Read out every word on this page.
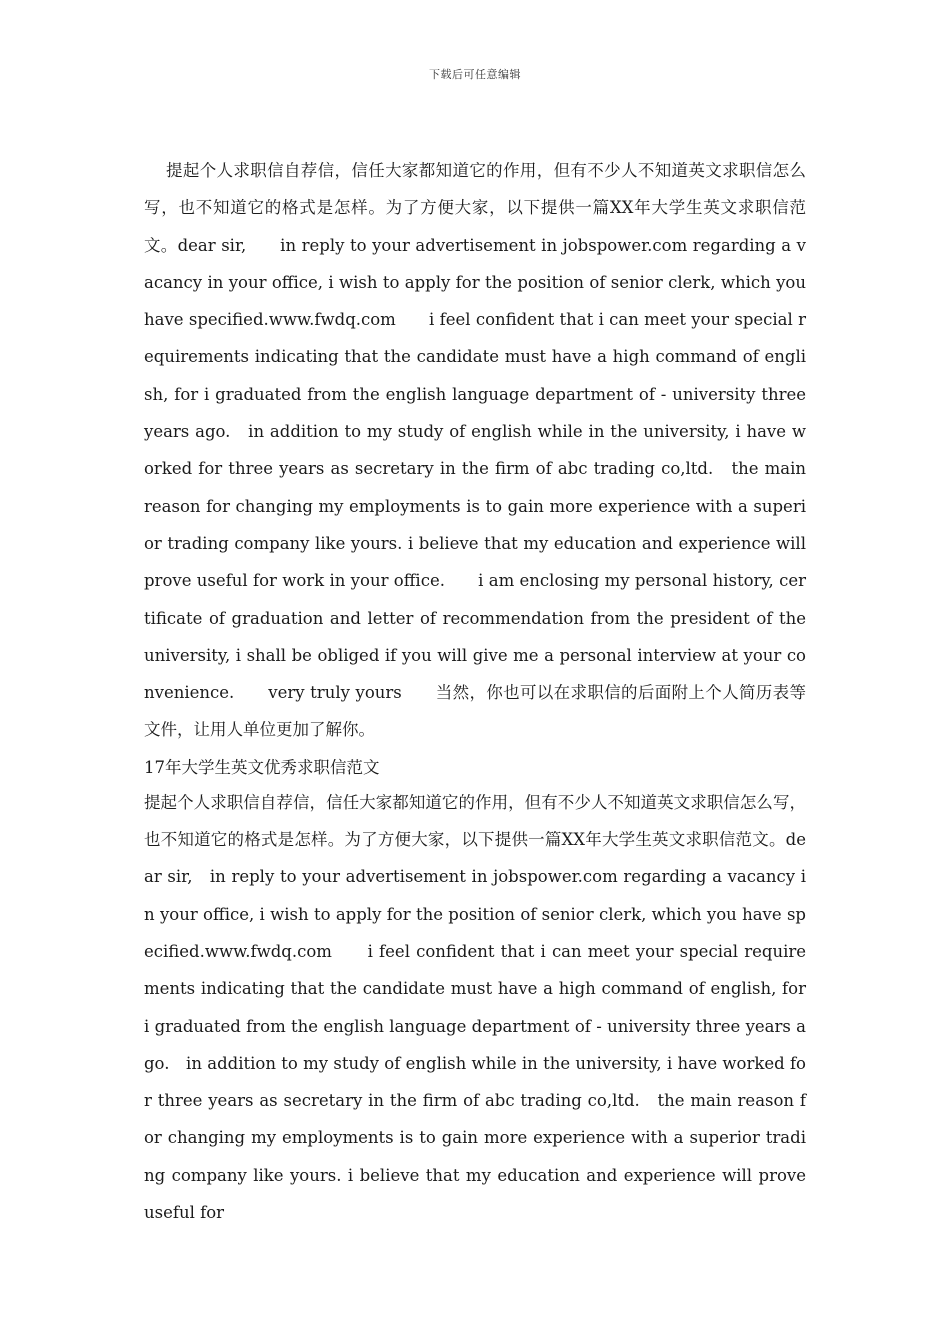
下载后可任意编辑

提起个人求职信自荐信，信任大家都知道它的作用，但有不少人不知道英文求职信怎么写，也不知道它的格式是怎样。为了方便大家，以下提供一篇XX年大学生英文求职信范文。dear sir,　　in reply to your advertisement in jobspower.com regarding a vacancy in your office, i wish to apply for the position of senior clerk, which you have specified.www.fwdq.com　　i feel confident that i can meet your special requirements indicating that the candidate must have a high command of english, for i graduated from the english language department of - university three years ago.　in addition to my study of english while in the university, i have worked for three years as secretary in the firm of abc trading co,ltd.　the main reason for changing my employments is to gain more experience with a superior trading company like yours. i believe that my education and experience will prove useful for work in your office.　　i am enclosing my personal history, certificate of graduation and letter of recommendation from the president of the university, i shall be obliged if you will give me a personal interview at your convenience.　　very truly yours　　当然，你也可以在求职信的后面附上个人简历表等文件，让用人单位更加了解你。

17年大学生英文优秀求职信范文

提起个人求职信自荐信，信任大家都知道它的作用，但有不少人不知道英文求职信怎么写，也不知道它的格式是怎样。为了方便大家，以下提供一篇XX年大学生英文求职信范文。dear sir,　in reply to your advertisement in jobspower.com regarding a vacancy in your office, i wish to apply for the position of senior clerk, which you have specified.www.fwdq.com　　i feel confident that i can meet your special requirements indicating that the candidate must have a high command of english, for i graduated from the english language department of - university three years ago.　in addition to my study of english while in the university, i have worked for three years as secretary in the firm of abc trading co,ltd.　the main reason for changing my employments is to gain more experience with a superior trading company like yours. i believe that my education and experience will prove useful for
